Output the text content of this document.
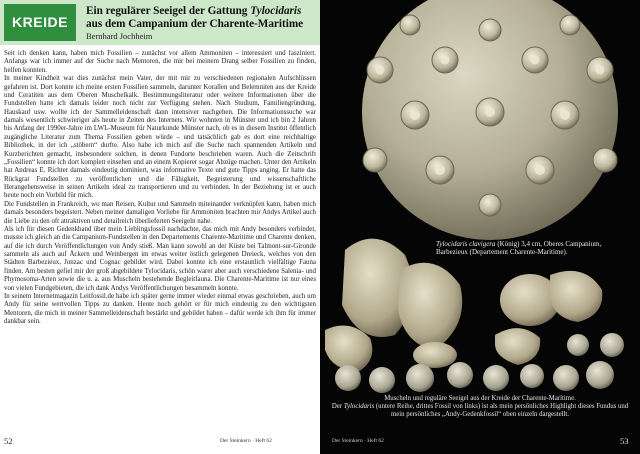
KREIDE
Ein regulärer Seeigel der Gattung Tylocidaris
aus dem Campanium der Charente-Maritime
Bernhard Jochheim

Seit ich denken kann, haben mich Fossilien – zunächst vor allem Ammoniten – interessiert und fasziniert. Anfangs war ich immer auf der Suche nach Mentoren, die mir bei meinem Drang selber Fossilien zu finden, helfen konnten.

In meiner Kindheit war dies zunächst mein Vater, der mit mir zu verschiedenen regionalen Aufschlüssen gefahren ist. Dort konnte ich meine ersten Fossilien sammeln, darunter Korallen und Belemniten aus der Kreide und Ceratiten aus dem Oberen Muschelkalk. Bestimmungsliteratur oder weitere Informationen über die Fundstellen hatte ich damals leider noch nicht zur Verfügung stehen. Nach Studium, Familiengründung, Hauskauf usw. wollte ich der Sammelleidenschaft dann intensiver nachgehen. Die Informationssuche war damals wesentlich schwieriger als heute in Zeiten des Internets. Wir wohnten in Münster und ich bin 2 Jahren bis Anfang der 1990er-Jahre im LWL-Museum für Naturkunde Münster nach, ob es in diesem Institut öffentlich zugängliche Literatur zum Thema Fossilien geben würde – und tatsächlich gab es dort eine reichhaltige Bibliothek, in der ich „stöbern“ durfte. Also habe ich mich auf die Suche nach spannenden Artikeln und Kurzberichten gemacht, insbesondere solchen, in denen Fundorte beschrieben waren. Auch die Zeitschrift „Fossilien“ konnte ich dort komplett einsehen und an einem Kopierer sogar Abzüge machen. Unter den Artikeln hat Andreas E. Richter damals eindeutig dominiert, was informative Texte und gute Tipps anging. Er hatte das Rückgrat Fundstellen zu veröffentlichen und die Fähigkeit, Begeisterung und wissenschaftliche Herangehensweise in seinen Artikeln ideal zu transportieren und zu verbinden. In der Beziehung ist er auch heute noch ein Vorbild für mich.

Die Fundstellen in Frankreich, wo man Reisen, Kultur und Sammeln miteinander verknüpfen kann, haben mich damals besonders begeistert. Neben meiner damaligen Vorliebe für Ammoniten brachten mir Andys Artikel auch die Liebe zu den oft attraktiven und detailreich überlieferten Seeigeln nahe.

Als ich für diesen Gedenkband über mein Lieblingsfossil nachdachte, das mich mit Andy besonders verbindet, musste ich gleich an die Campanium-Fundstellen in den Departements Charente-Maritime und Charente denken, auf die ich durch Veröffentlichungen von Andy stieß. Man kann sowohl an der Küste bei Talmont-sur-Gironde sammeln als auch auf Äckern und Weinbergen im etwas weiter östlich gelegenen Dreieck, welches von den Städten Barbezieux, Jonzac und Cognac gebildet wird. Dabei konnte ich eine erstaunlich vielfältige Fauna finden. Am besten gefiel mir der groß abgebildete Tylocidaris, schön warer aber auch verschiedene Salenia- und Phymosoma-Arten sowie die u. a. aus Muscheln bestehende Begleitfauna. Die Charente-Maritime ist nur eines von vielen Fundgebieten, die ich dank Andys Veröffentlichungen besammeln konnte.

In seinem Internetmagazin Leitfossil.de habe ich später gerne immer wieder einmal etwas geschrieben, auch um Andy für seine wertvollen Tipps zu danken. Heute noch gehört er für mich eindeutig zu den wichtigsten Mentoren, die mich in meiner Sammelleidenschaft bestärkt und gebildet haben – dafür werde ich ihm für immer dankbar sein.

52	Der Steinkern · Heft 62
Tylocidaris clavigera (König) 3,4 cm, Oberes Campanium, Barbezieux (Departement Charente-Maritime).
Muscheln und reguläre Seeigel aus der Kreide der Charente-Maritime.
Der Tylocidaris (untere Reihe, drittes Fossil von links) ist als mein persönliches Highlight dieses Fundus und mein persönliches „Andy-Gedenkfossil“ oben einzeln dargestellt.
Der Steinkern · Heft 62	53
